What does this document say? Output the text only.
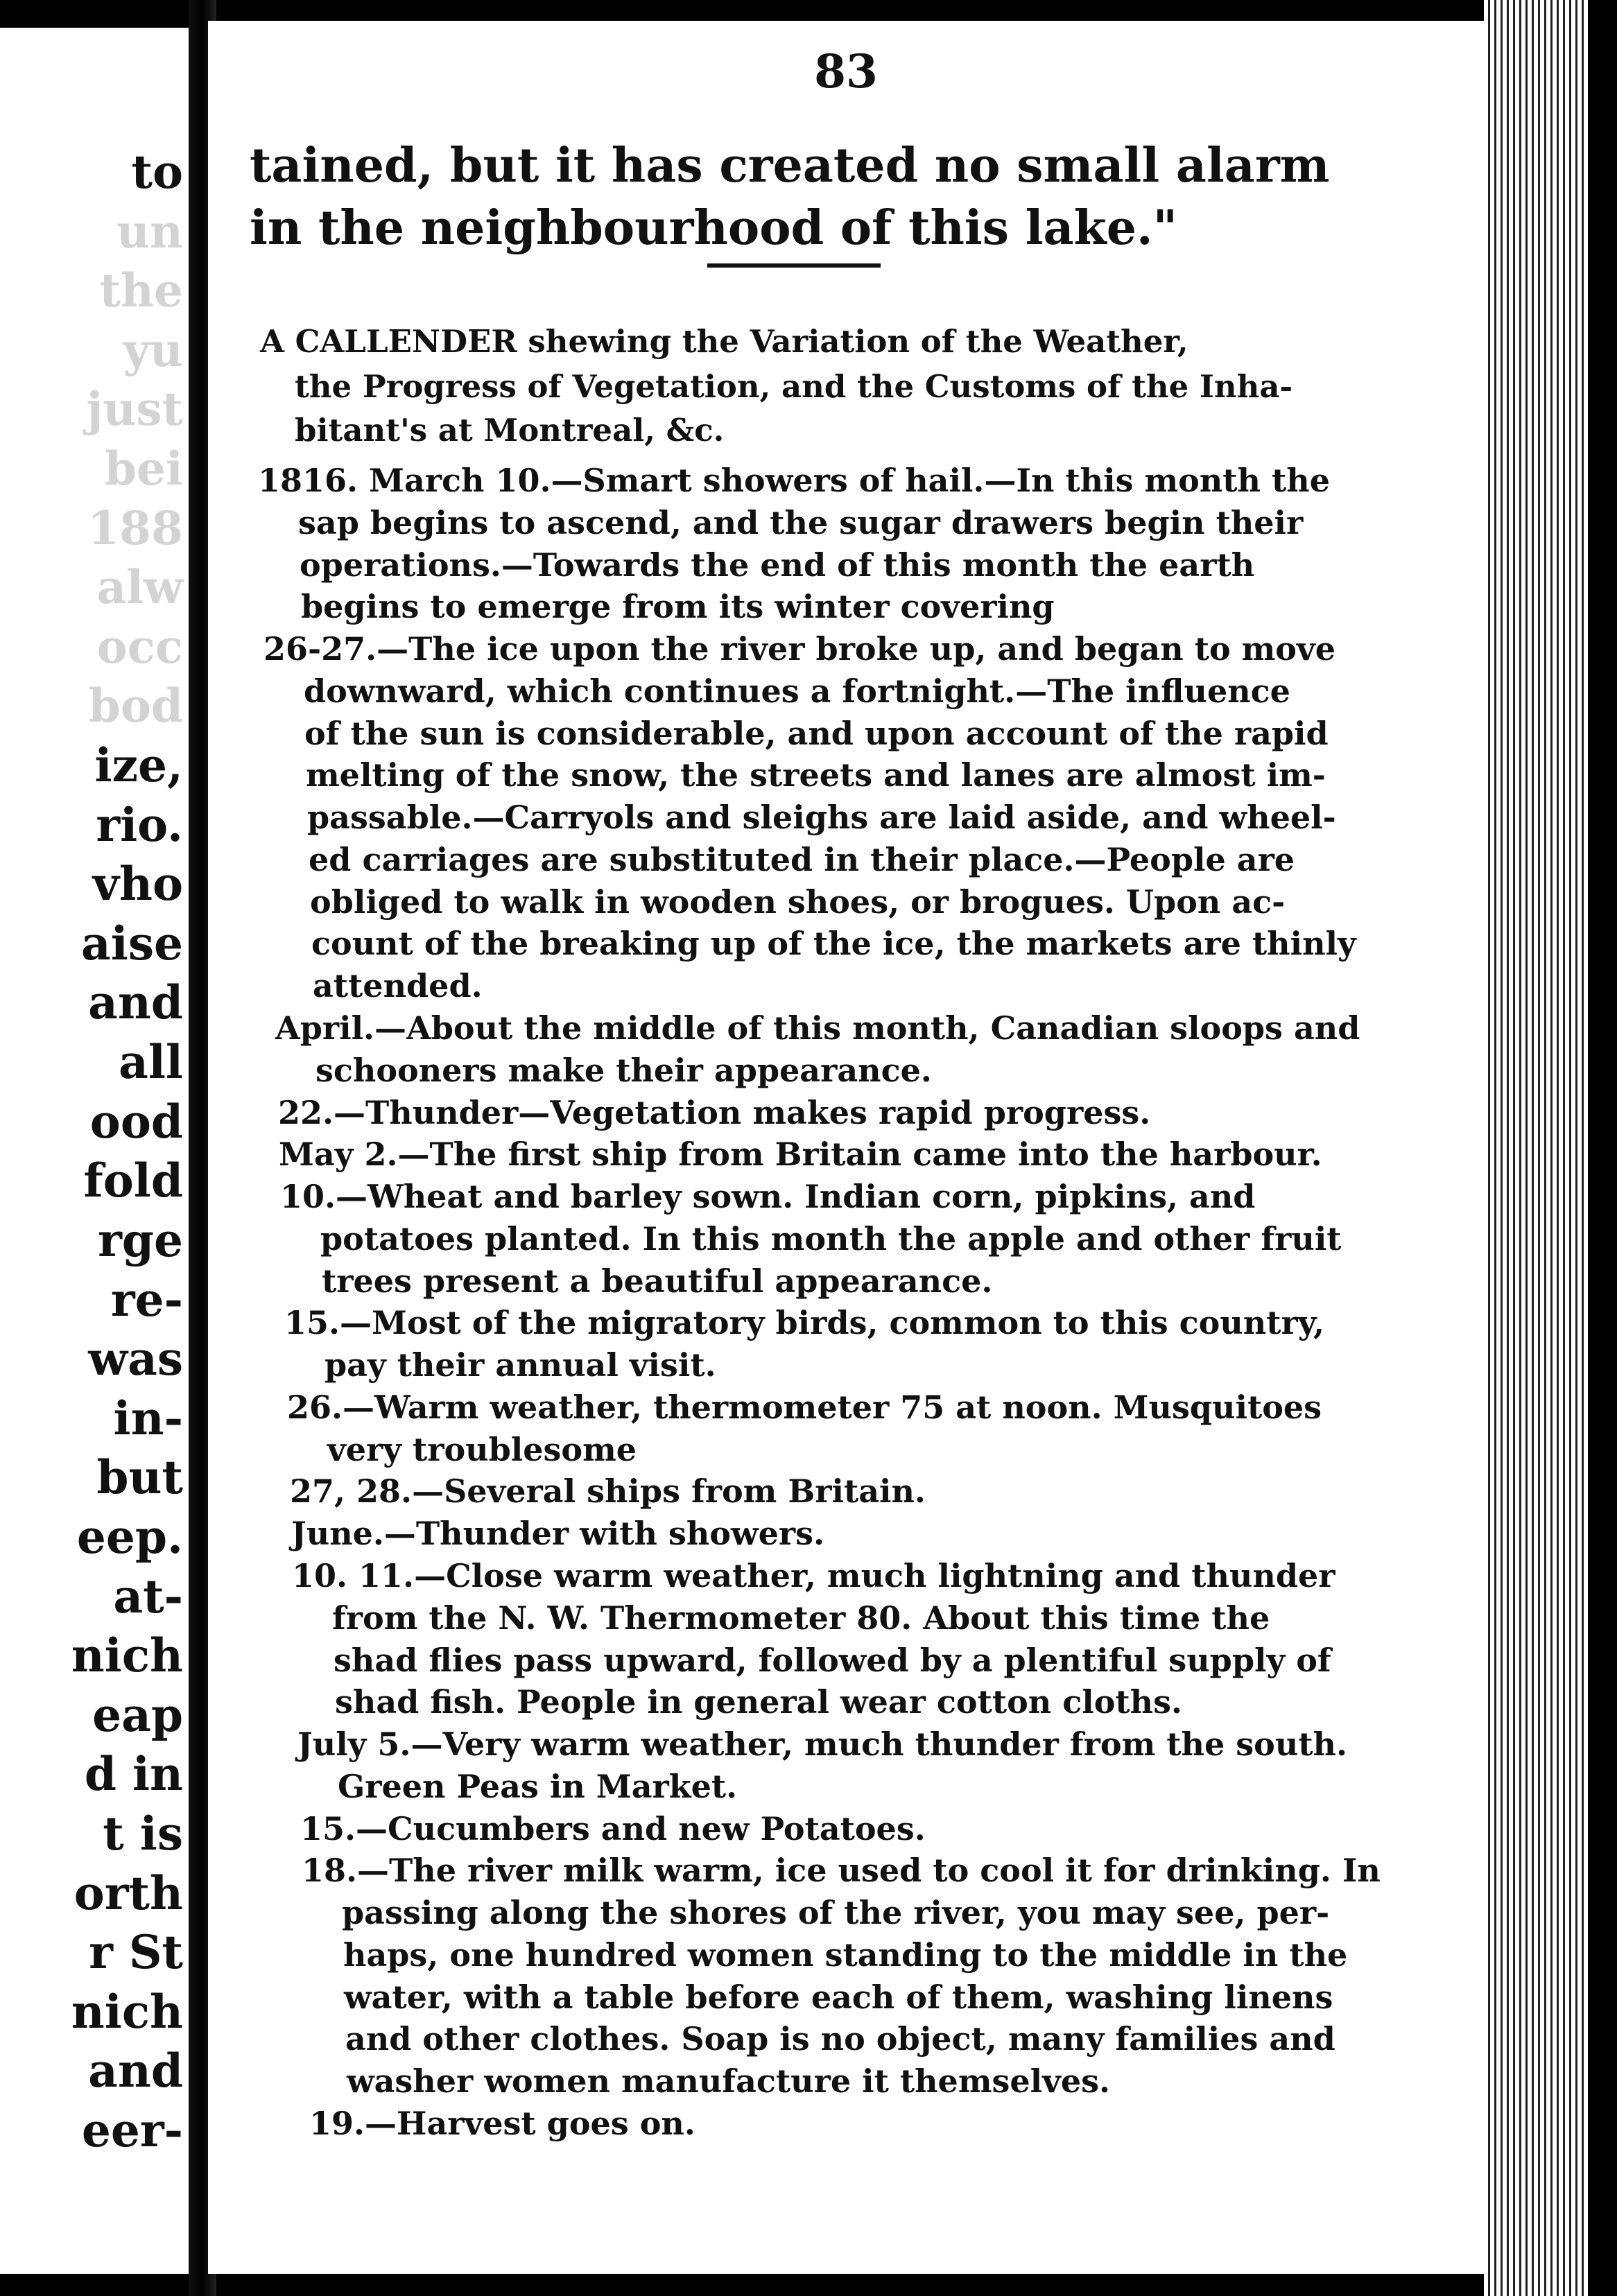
to
un
the
yu
just
bei
188
alw
occ
bod
ize,
rio.
vho
aise
and
all
ood
fold
rge
re-
was
in-
but
eep.
at-
nich
eap
d in
t is
orth
r St
nich
and
eer-
83
tained, but it has created no small alarm
in the neighbourhood of this lake."
A CALLENDER shewing the Variation of the Weather,
the Progress of Vegetation, and the Customs of the Inha-
bitant's at Montreal, &c.
1816. March 10.—Smart showers of hail.—In this month the
sap begins to ascend, and the sugar drawers begin their
operations.—Towards the end of this month the earth
begins to emerge from its winter covering
26-27.—The ice upon the river broke up, and began to move
downward, which continues a fortnight.—The influence
of the sun is considerable, and upon account of the rapid
melting of the snow, the streets and lanes are almost im-
passable.—Carryols and sleighs are laid aside, and wheel-
ed carriages are substituted in their place.—People are
obliged to walk in wooden shoes, or brogues. Upon ac-
count of the breaking up of the ice, the markets are thinly
attended.
April.—About the middle of this month, Canadian sloops and
schooners make their appearance.
22.—Thunder—Vegetation makes rapid progress.
May 2.—The first ship from Britain came into the harbour.
10.—Wheat and barley sown. Indian corn, pipkins, and
potatoes planted. In this month the apple and other fruit
trees present a beautiful appearance.
15.—Most of the migratory birds, common to this country,
pay their annual visit.
26.—Warm weather, thermometer 75 at noon. Musquitoes
very troublesome
27, 28.—Several ships from Britain.
June.—Thunder with showers.
10. 11.—Close warm weather, much lightning and thunder
from the N. W. Thermometer 80. About this time the
shad flies pass upward, followed by a plentiful supply of
shad fish. People in general wear cotton cloths.
July 5.—Very warm weather, much thunder from the south.
Green Peas in Market.
15.—Cucumbers and new Potatoes.
18.—The river milk warm, ice used to cool it for drinking. In
passing along the shores of the river, you may see, per-
haps, one hundred women standing to the middle in the
water, with a table before each of them, washing linens
and other clothes. Soap is no object, many families and
washer women manufacture it themselves.
19.—Harvest goes on.
